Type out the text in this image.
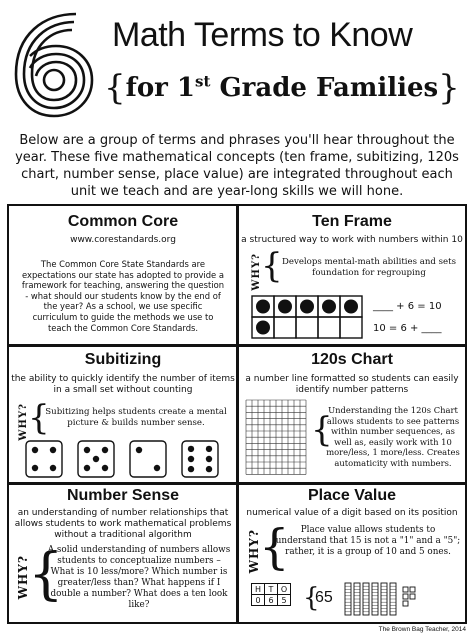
Math Terms to Know
{for 1st Grade Families}
Below are a group of terms and phrases you'll hear throughout the year. These five mathematical concepts (ten frame, subitizing, 120s chart, number sense, place value) are integrated throughout each unit we teach and are year-long skills we will hone.
Common Core
www.corestandards.org
The Common Core State Standards are expectations our state has adopted to provide a framework for teaching, answering the question - what should our students know by the end of the year? As a school, we use specific curriculum to guide the methods we use to teach the Common Core Standards.
Ten Frame
a structured way to work with numbers within 10
WHY? { Develops mental-math abilities and sets foundation for regrouping
____ + 6 = 10
10 = 6 + ____
Subitizing
the ability to quickly identify the number of items in a small set without counting
WHY? {
Subitizing helps students create a mental picture & builds number sense.
120s Chart
a number line formatted so students can easily identify number patterns
{
Understanding the 120s Chart allows students to see patterns within number sequences, as well as, easily work with 10 more/less, 1 more/less. Creates automaticity with numbers.
Number Sense
an understanding of number relationships that allows students to work mathematical problems without a traditional algorithm
WHY?
{
A solid understanding of numbers allows students to conceptualize numbers – What is 10 less/more? Which number is greater/less than? What happens if I double a number? What does a ten look like?
Place Value
numerical value of a digit based on its position
WHY?
{	Place value allows students to understand that 15 is not a "1" and a "5"; rather, it is a group of 10 and 5 ones.
H	T	O
0	6	5 {
65
The Brown Bag Teacher, 2014
